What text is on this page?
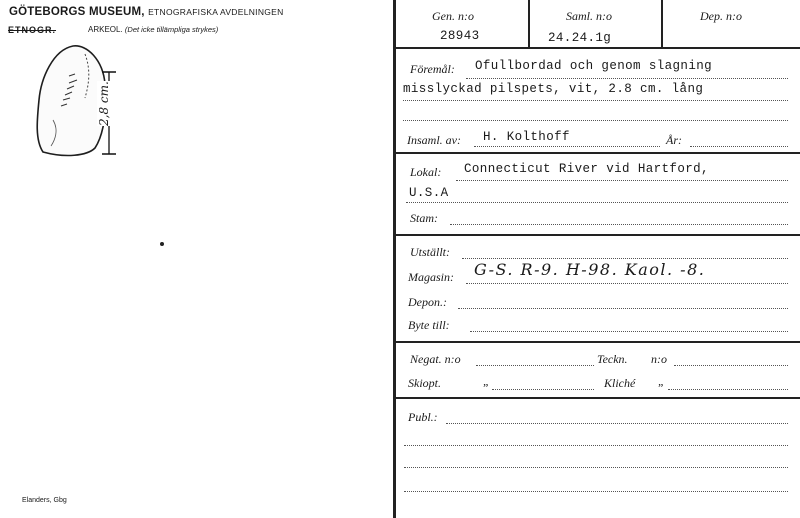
GÖTEBORGS MUSEUM, ETNOGRAFISKA AVDELNINGEN
ETNOGR.	ARKEOL. (Det icke tillämpliga strykes)
2,8 cm.
Elanders, Gbg
Gen. n:o
28943
Saml. n:o
24.24.1g
Dep. n:o
Föremål: Ofullbordad och genom slagning
misslyckad pilspets, vit, 2.8 cm. lång
Insaml. av: H. Kolthoff	År:
Lokal: Connecticut River vid Hartford,
U.S.A
Stam:
Utställt:
Magasin: G-S. R-9. H-98. Kaol. -8.
Depon.:
Byte till:
Negat. n:o	Teckn. n:o
Skiopt.	„	Kliché „
Publ.:
